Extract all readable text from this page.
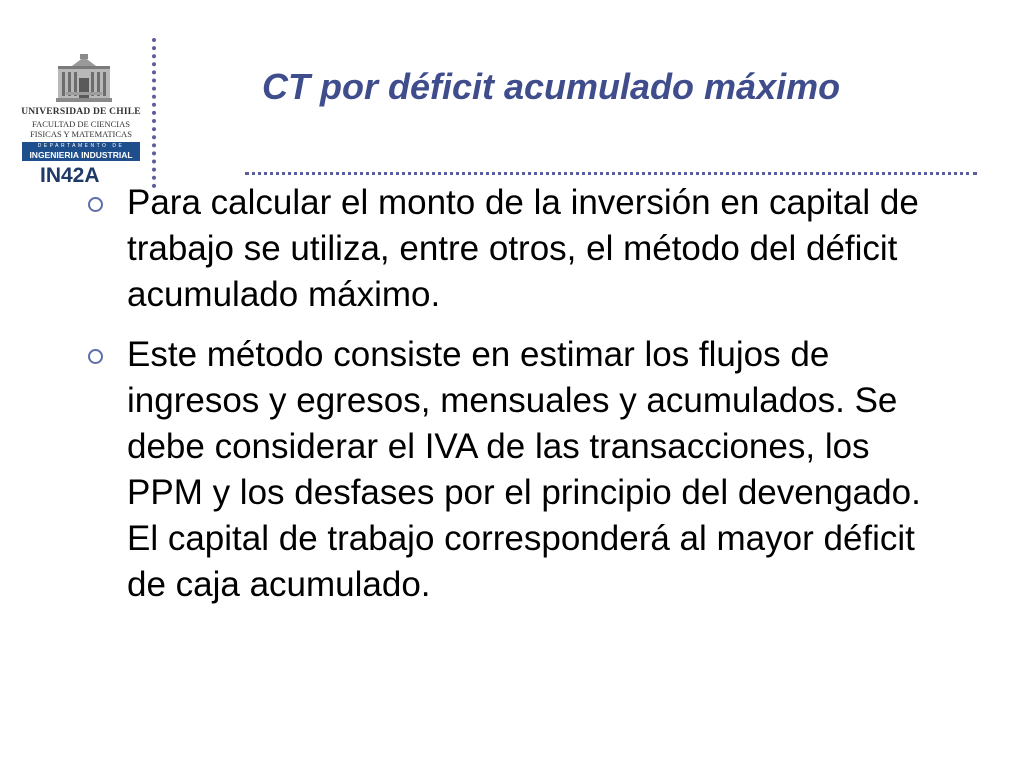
UNIVERSIDAD DE CHILE
FACULTAD DE CIENCIAS
FISICAS Y MATEMATICAS
DEPARTAMENTO DE
INGENIERIA INDUSTRIAL
IN42A
CT por déficit acumulado máximo
Para calcular el monto de la inversión en capital de trabajo se utiliza, entre otros, el método del déficit acumulado máximo.
Este método consiste en estimar los flujos de ingresos y egresos, mensuales y acumulados. Se debe considerar el IVA de las transacciones, los PPM y los desfases por el principio del devengado. El capital de trabajo corresponderá al mayor déficit de caja acumulado.
